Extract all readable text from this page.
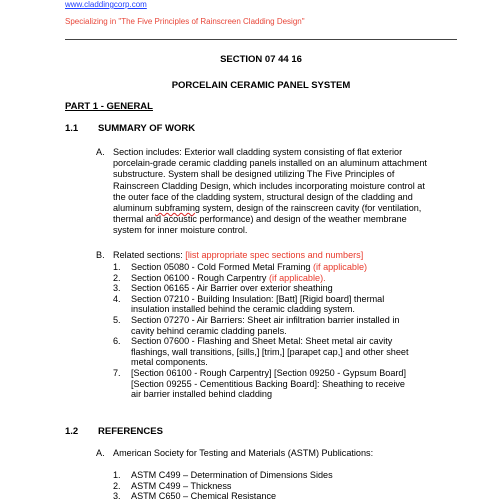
www.claddingcorp.com
Specializing in "The Five Principles of Rainscreen Cladding Design"
SECTION 07 44 16
PORCELAIN CERAMIC PANEL SYSTEM
PART 1 - GENERAL
1.1 SUMMARY OF WORK
A. Section includes: Exterior wall cladding system consisting of flat exterior porcelain-grade ceramic cladding panels installed on an aluminum attachment substructure. System shall be designed utilizing The Five Principles of Rainscreen Cladding Design, which includes incorporating moisture control at the outer face of the cladding system, structural design of the cladding and aluminum subframing system, design of the rainscreen cavity (for ventilation, thermal and acoustic performance) and design of the weather membrane system for inner moisture control.
B. Related sections: [list appropriate spec sections and numbers]
1. Section 05080 - Cold Formed Metal Framing (if applicable)
2. Section 06100 - Rough Carpentry (if applicable).
3. Section 06165 - Air Barrier over exterior sheathing
4. Section 07210 - Building Insulation: [Batt] [Rigid board] thermal insulation installed behind the ceramic cladding system.
5. Section 07270 - Air Barriers: Sheet air infiltration barrier installed in cavity behind ceramic cladding panels.
6. Section 07600 - Flashing and Sheet Metal: Sheet metal air cavity flashings, wall transitions, [sills,] [trim,] [parapet cap,] and other sheet metal components.
7. [Section 06100 - Rough Carpentry] [Section 09250 - Gypsum Board] [Section 09255 - Cementitious Backing Board]: Sheathing to receive air barrier installed behind cladding
1.2 REFERENCES
A. American Society for Testing and Materials (ASTM) Publications:
1. ASTM C499 – Determination of Dimensions Sides
2. ASTM C499 – Thickness
3. ASTM C650 – Chemical Resistance
